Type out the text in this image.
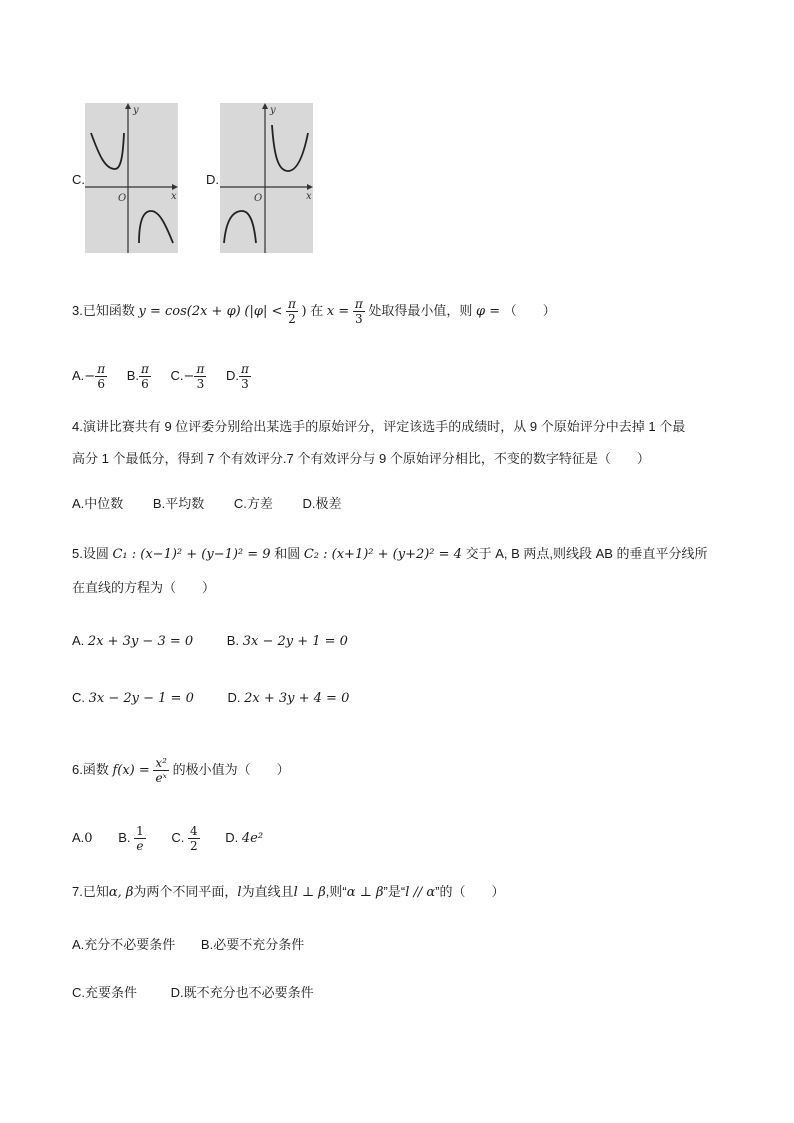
C.
y
x
O
D.
y
x
O
3.已知函数 y = cos(2x + φ) ($|\varphi| < \frac{\pi}{2}$ ) 在 $x = \frac{\pi}{3}$ 处取得最小值，则 φ = （　　）
$A.- \frac{\pi}{6} B$. $\frac{\pi}{6} C.- \frac{\pi}{3} D$. $\frac{\pi}{3}$
4.演讲比赛共有 9 位评委分别给出某选手的原始评分，评定该选手的成绩时，从 9 个原始评分中去掉 1 个最
高分 1 个最低分，得到 7 个有效评分.7 个有效评分与 9 个原始评分相比，不变的数字特征是（　　）
A.中位数 B.平均数 C.方差 D.极差
5.设圆 C₁ : (x−1)² + (y−1)² = 9 和圆 C₂ : (x+1)² + (y+2)² = 4 交于 A, B 两点,则线段 AB 的垂直平分线所
在直线的方程为（　　）
A. 2x + 3y − 3 = 0	B. 3x − 2y + 1 = 0
C. 3x − 2y − 1 = 0	D. 2x + 3y + 4 = 0
6.函数 $f(x) = \frac{\text{x²}}{\text{eˣ}}$ 的极小值为（　　）
A.0 B. $\frac{1}{e} C$. $\frac{4}{2} D$. 4e²
7.已知α, β为两个不同平面，l为直线且l ⊥ β,则“α ⊥ β”是“l // α”的（　　）
A.充分不必要条件 B.必要不充分条件
C.充要条件	D.既不充分也不必要条件
